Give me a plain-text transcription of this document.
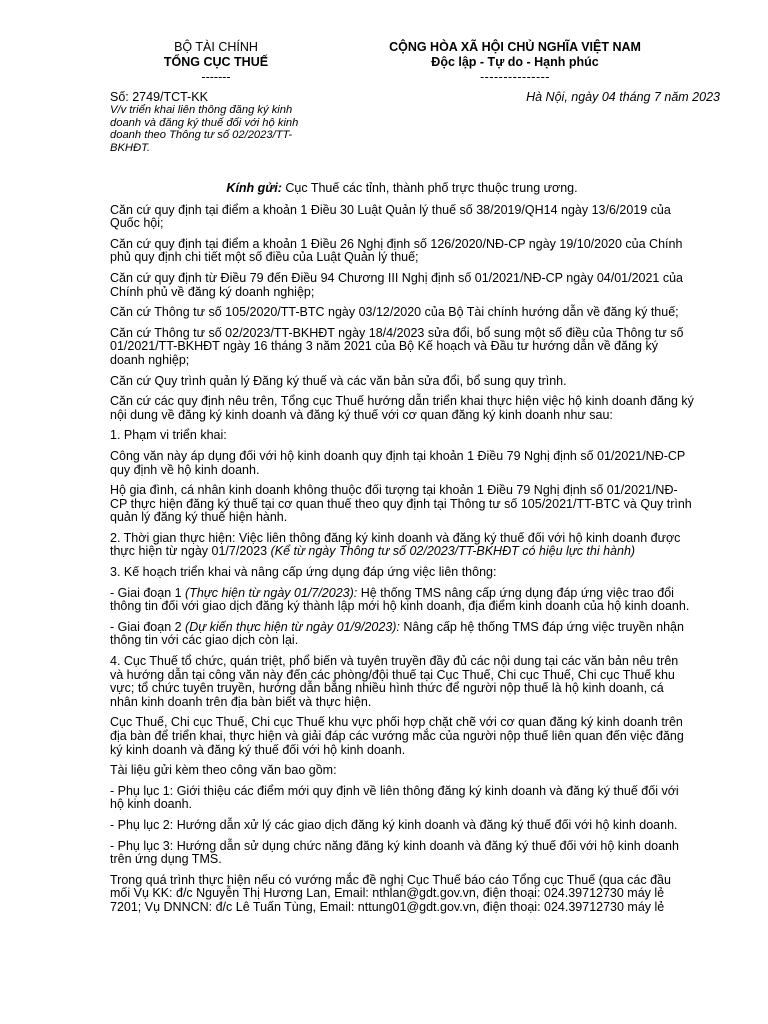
BỘ TÀI CHÍNH
TỔNG CỤC THUẾ
-------
CỘNG HÒA XÃ HỘI CHỦ NGHĨA VIỆT NAM
Độc lập - Tự do - Hạnh phúc
---------------
Số: 2749/TCT-KK
V/v triển khai liên thông đăng ký kinh doanh và đăng ký thuế đối với hộ kinh doanh theo Thông tư số 02/2023/TT-BKHĐT.
Hà Nội, ngày 04 tháng 7 năm 2023

Kính gửi: Cục Thuế các tỉnh, thành phố trực thuộc trung ương.

Căn cứ quy định tại điểm a khoản 1 Điều 30 Luật Quản lý thuế số 38/2019/QH14 ngày 13/6/2019 của Quốc hội;

Căn cứ quy định tại điểm a khoản 1 Điều 26 Nghị định số 126/2020/NĐ-CP ngày 19/10/2020 của Chính phủ quy định chi tiết một số điều của Luật Quản lý thuế;

Căn cứ quy định từ Điều 79 đến Điều 94 Chương III Nghị định số 01/2021/NĐ-CP ngày 04/01/2021 của Chính phủ về đăng ký doanh nghiệp;

Căn cứ Thông tư số 105/2020/TT-BTC ngày 03/12/2020 của Bộ Tài chính hướng dẫn về đăng ký thuế;

Căn cứ Thông tư số 02/2023/TT-BKHĐT ngày 18/4/2023 sửa đổi, bổ sung một số điều của Thông tư số 01/2021/TT-BKHĐT ngày 16 tháng 3 năm 2021 của Bộ Kế hoạch và Đầu tư hướng dẫn về đăng ký doanh nghiệp;

Căn cứ Quy trình quản lý Đăng ký thuế và các văn bản sửa đổi, bổ sung quy trình.

Căn cứ các quy định nêu trên, Tổng cục Thuế hướng dẫn triển khai thực hiện việc hộ kinh doanh đăng ký nội dung về đăng ký kinh doanh và đăng ký thuế với cơ quan đăng ký kinh doanh như sau:

1. Phạm vi triển khai:

Công văn này áp dụng đối với hộ kinh doanh quy định tại khoản 1 Điều 79 Nghị định số 01/2021/NĐ-CP quy định về hộ kinh doanh.

Hộ gia đình, cá nhân kinh doanh không thuộc đối tượng tại khoản 1 Điều 79 Nghị định số 01/2021/NĐ-CP thực hiện đăng ký thuế tại cơ quan thuế theo quy định tại Thông tư số 105/2021/TT-BTC và Quy trình quản lý đăng ký thuế hiện hành.

2. Thời gian thực hiện: Việc liên thông đăng ký kinh doanh và đăng ký thuế đối với hộ kinh doanh được thực hiện từ ngày 01/7/2023 (Kể từ ngày Thông tư số 02/2023/TT-BKHĐT có hiệu lực thi hành)

3. Kế hoạch triển khai và nâng cấp ứng dụng đáp ứng việc liên thông:

- Giai đoạn 1 (Thực hiện từ ngày 01/7/2023): Hệ thống TMS nâng cấp ứng dụng đáp ứng việc trao đổi thông tin đối với giao dịch đăng ký thành lập mới hộ kinh doanh, địa điểm kinh doanh của hộ kinh doanh.

- Giai đoạn 2 (Dự kiến thực hiện từ ngày 01/9/2023): Nâng cấp hệ thống TMS đáp ứng việc truyền nhận thông tin với các giao dịch còn lại.

4. Cục Thuế tổ chức, quán triệt, phổ biến và tuyên truyền đầy đủ các nội dung tại các văn bản nêu trên và hướng dẫn tại công văn này đến các phòng/đội thuế tại Cục Thuế, Chi cục Thuế, Chi cục Thuế khu vực; tổ chức tuyên truyền, hướng dẫn bằng nhiều hình thức để người nộp thuế là hộ kinh doanh, cá nhân kinh doanh trên địa bàn biết và thực hiện.

Cục Thuế, Chi cục Thuế, Chi cục Thuế khu vực phối hợp chặt chẽ với cơ quan đăng ký kinh doanh trên địa bàn để triển khai, thực hiện và giải đáp các vướng mắc của người nộp thuế liên quan đến việc đăng ký kinh doanh và đăng ký thuế đối với hộ kinh doanh.

Tài liệu gửi kèm theo công văn bao gồm:

- Phụ lục 1: Giới thiệu các điểm mới quy định về liên thông đăng ký kinh doanh và đăng ký thuế đối với hộ kinh doanh.

- Phụ lục 2: Hướng dẫn xử lý các giao dịch đăng ký kinh doanh và đăng ký thuế đối với hộ kinh doanh.

- Phụ lục 3: Hướng dẫn sử dụng chức năng đăng ký kinh doanh và đăng ký thuế đối với hộ kinh doanh trên ứng dụng TMS.

Trong quá trình thực hiện nếu có vướng mắc đề nghị Cục Thuế báo cáo Tổng cục Thuế (qua các đầu mối Vụ KK: đ/c Nguyễn Thị Hương Lan, Email: nthlan@gdt.gov.vn, điện thoại: 024.39712730 máy lẻ 7201; Vụ DNNCN: đ/c Lê Tuấn Tùng, Email: nttung01@gdt.gov.vn, điện thoại: 024.39712730 máy lẻ
